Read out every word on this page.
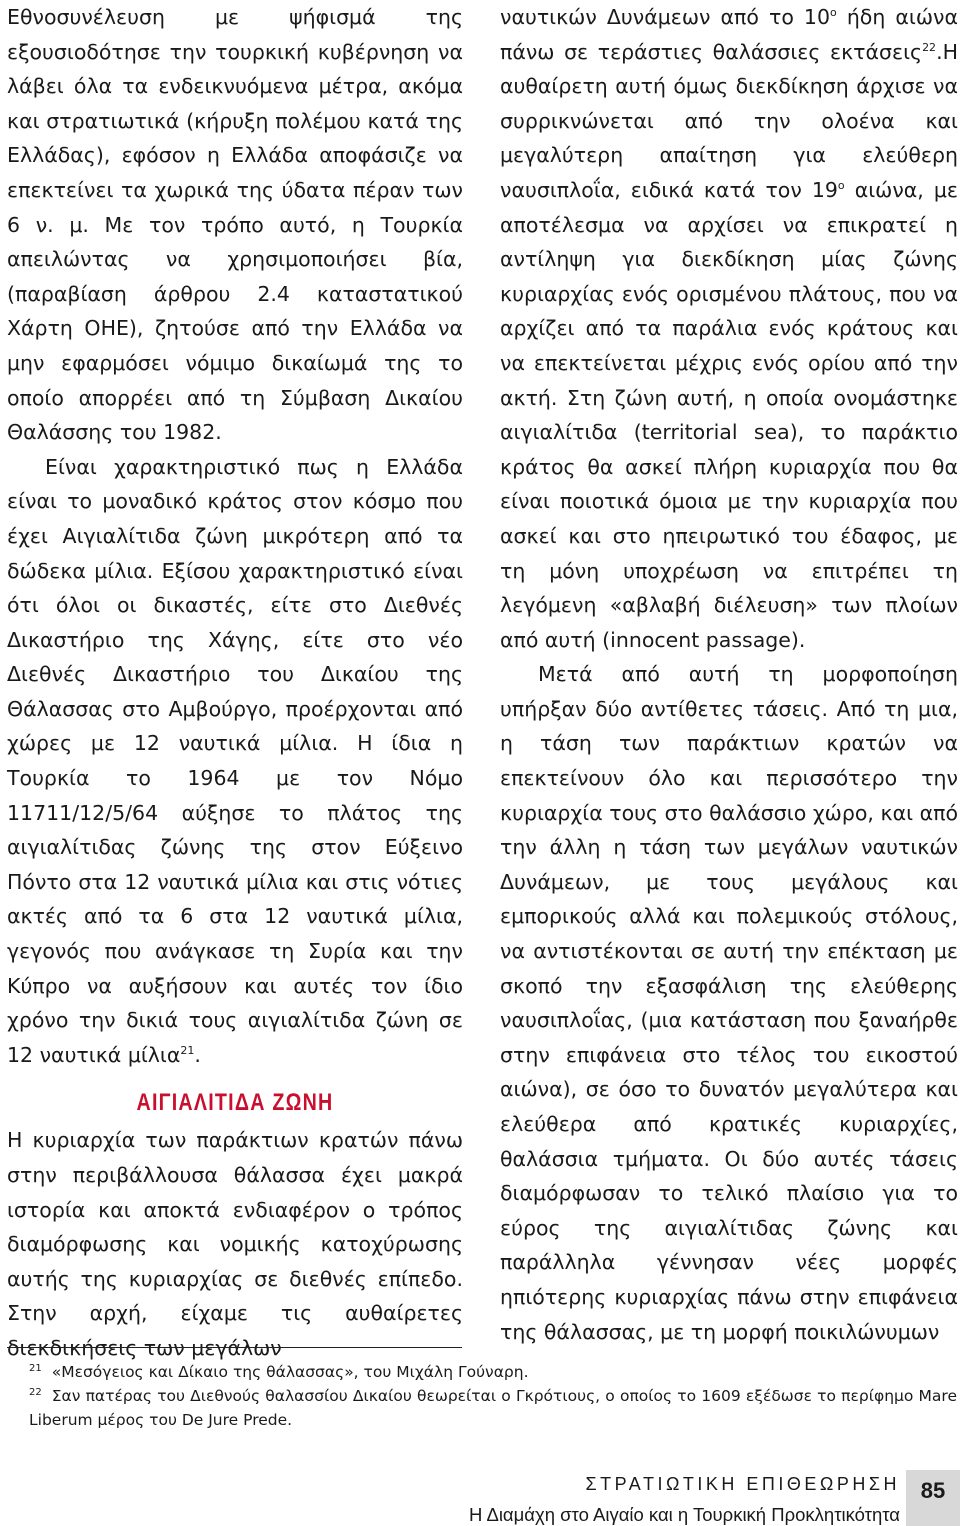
Εθνοσυνέλευση με ψήφισμά της εξουσιοδότησε την τουρκική κυβέρνηση να λάβει όλα τα ενδεικνυόμενα μέτρα, ακόμα και στρατιωτικά (κήρυξη πολέμου κατά της Ελλάδας), εφόσον η Ελλάδα αποφάσιζε να επεκτείνει τα χωρικά της ύδατα πέραν των 6 ν. μ. Με τον τρόπο αυτό, η Τουρκία απειλώντας να χρησιμοποιήσει βία, (παραβίαση άρθρου 2.4 καταστατικού Χάρτη ΟΗΕ), ζητούσε από την Ελλάδα να μην εφαρμόσει νόμιμο δικαίωμά της το οποίο απορρέει από τη Σύμβαση Δικαίου Θαλάσσης του 1982.

Είναι χαρακτηριστικό πως η Ελλάδα είναι το μοναδικό κράτος στον κόσμο που έχει Αιγιαλίτιδα ζώνη μικρότερη από τα δώδεκα μίλια. Εξίσου χαρακτηριστικό είναι ότι όλοι οι δικαστές, είτε στο Διεθνές Δικαστήριο της Χάγης, είτε στο νέο Διεθνές Δικαστήριο του Δικαίου της Θάλασσας στο Αμβούργο, προέρχονται από χώρες με 12 ναυτικά μίλια. Η ίδια η Τουρκία το 1964 με τον Νόμο 11711/12/5/64 αύξησε το πλάτος της αιγιαλίτιδας ζώνης της στον Εύξεινο Πόντο στα 12 ναυτικά μίλια και στις νότιες ακτές από τα 6 στα 12 ναυτικά μίλια, γεγονός που ανάγκασε τη Συρία και την Κύπρο να αυξήσουν και αυτές τον ίδιο χρόνο την δικιά τους αιγιαλίτιδα ζώνη σε 12 ναυτικά μίλια$^{21}$.

ΑΙΓΙΑΛΙΤΙΔΑ ΖΩΝΗ

Η κυριαρχία των παράκτιων κρατών πάνω στην περιβάλλουσα θάλασσα έχει μακρά ιστορία και αποκτά ενδιαφέρον ο τρόπος διαμόρφωσης και νομικής κατοχύρωσης αυτής της κυριαρχίας σε διεθνές επίπεδο. Στην αρχή, είχαμε τις αυθαίρετες διεκδικήσεις των μεγάλων

ναυτικών Δυνάμεων από το $10^o$ ήδη αιώνα πάνω σε τεράστιες θαλάσσιες εκτάσεις$^{22}$.Η αυθαίρετη αυτή όμως διεκδίκηση άρχισε να συρρικνώνεται από την ολοένα και μεγαλύτερη απαίτηση για ελεύθερη ναυσιπλοΐα, ειδικά κατά τον $19^o$ αιώνα, με αποτέλεσμα να αρχίσει να επικρατεί η αντίληψη για διεκδίκηση μίας ζώνης κυριαρχίας ενός ορισμένου πλάτους, που να αρχίζει από τα παράλια ενός κράτους και να επεκτείνεται μέχρις ενός ορίου από την ακτή. Στη ζώνη αυτή, η οποία ονομάστηκε αιγιαλίτιδα (territorial sea), το παράκτιο κράτος θα ασκεί πλήρη κυριαρχία που θα είναι ποιοτικά όμοια με την κυριαρχία που ασκεί και στο ηπειρωτικό του έδαφος, με τη μόνη υποχρέωση να επιτρέπει τη λεγόμενη «αβλαβή διέλευση» των πλοίων από αυτή (innocent passage).

Μετά από αυτή τη μορφοποίηση υπήρξαν δύο αντίθετες τάσεις. Από τη μια, η τάση των παράκτιων κρατών να επεκτείνουν όλο και περισσότερο την κυριαρχία τους στο θαλάσσιο χώρο, και από την άλλη η τάση των μεγάλων ναυτικών Δυνάμεων, με τους μεγάλους και εμπορικούς αλλά και πολεμικούς στόλους, να αντιστέκονται σε αυτή την επέκταση με σκοπό την εξασφάλιση της ελεύθερης ναυσιπλοΐας, (μια κατάσταση που ξαναήρθε στην επιφάνεια στο τέλος του εικοστού αιώνα), σε όσο το δυνατόν μεγαλύτερα και ελεύθερα από κρατικές κυριαρχίες, θαλάσσια τμήματα. Οι δύο αυτές τάσεις διαμόρφωσαν το τελικό πλαίσιο για το εύρος της αιγιαλίτιδας ζώνης και παράλληλα γέννησαν νέες μορφές ηπιότερης κυριαρχίας πάνω στην επιφάνεια της θάλασσας, με τη μορφή ποικιλώνυμων

$^{21}$ «Μεσόγειος και Δίκαιο της θάλασσας», του Μιχάλη Γούναρη.

$^{22}$ Σαν πατέρας του Διεθνούς θαλασσίου Δικαίου θεωρείται ο Γκρότιους, ο οποίος το 1609 εξέδωσε το περίφημο Mare Liberum μέρος του De Jure Prede.

ΣΤΡΑΤΙΩΤΙΚΗ ΕΠΙΘΕΩΡΗΣΗ
Η Διαμάχη στο Αιγαίο και η Τουρκική Προκλητικότητα
85
